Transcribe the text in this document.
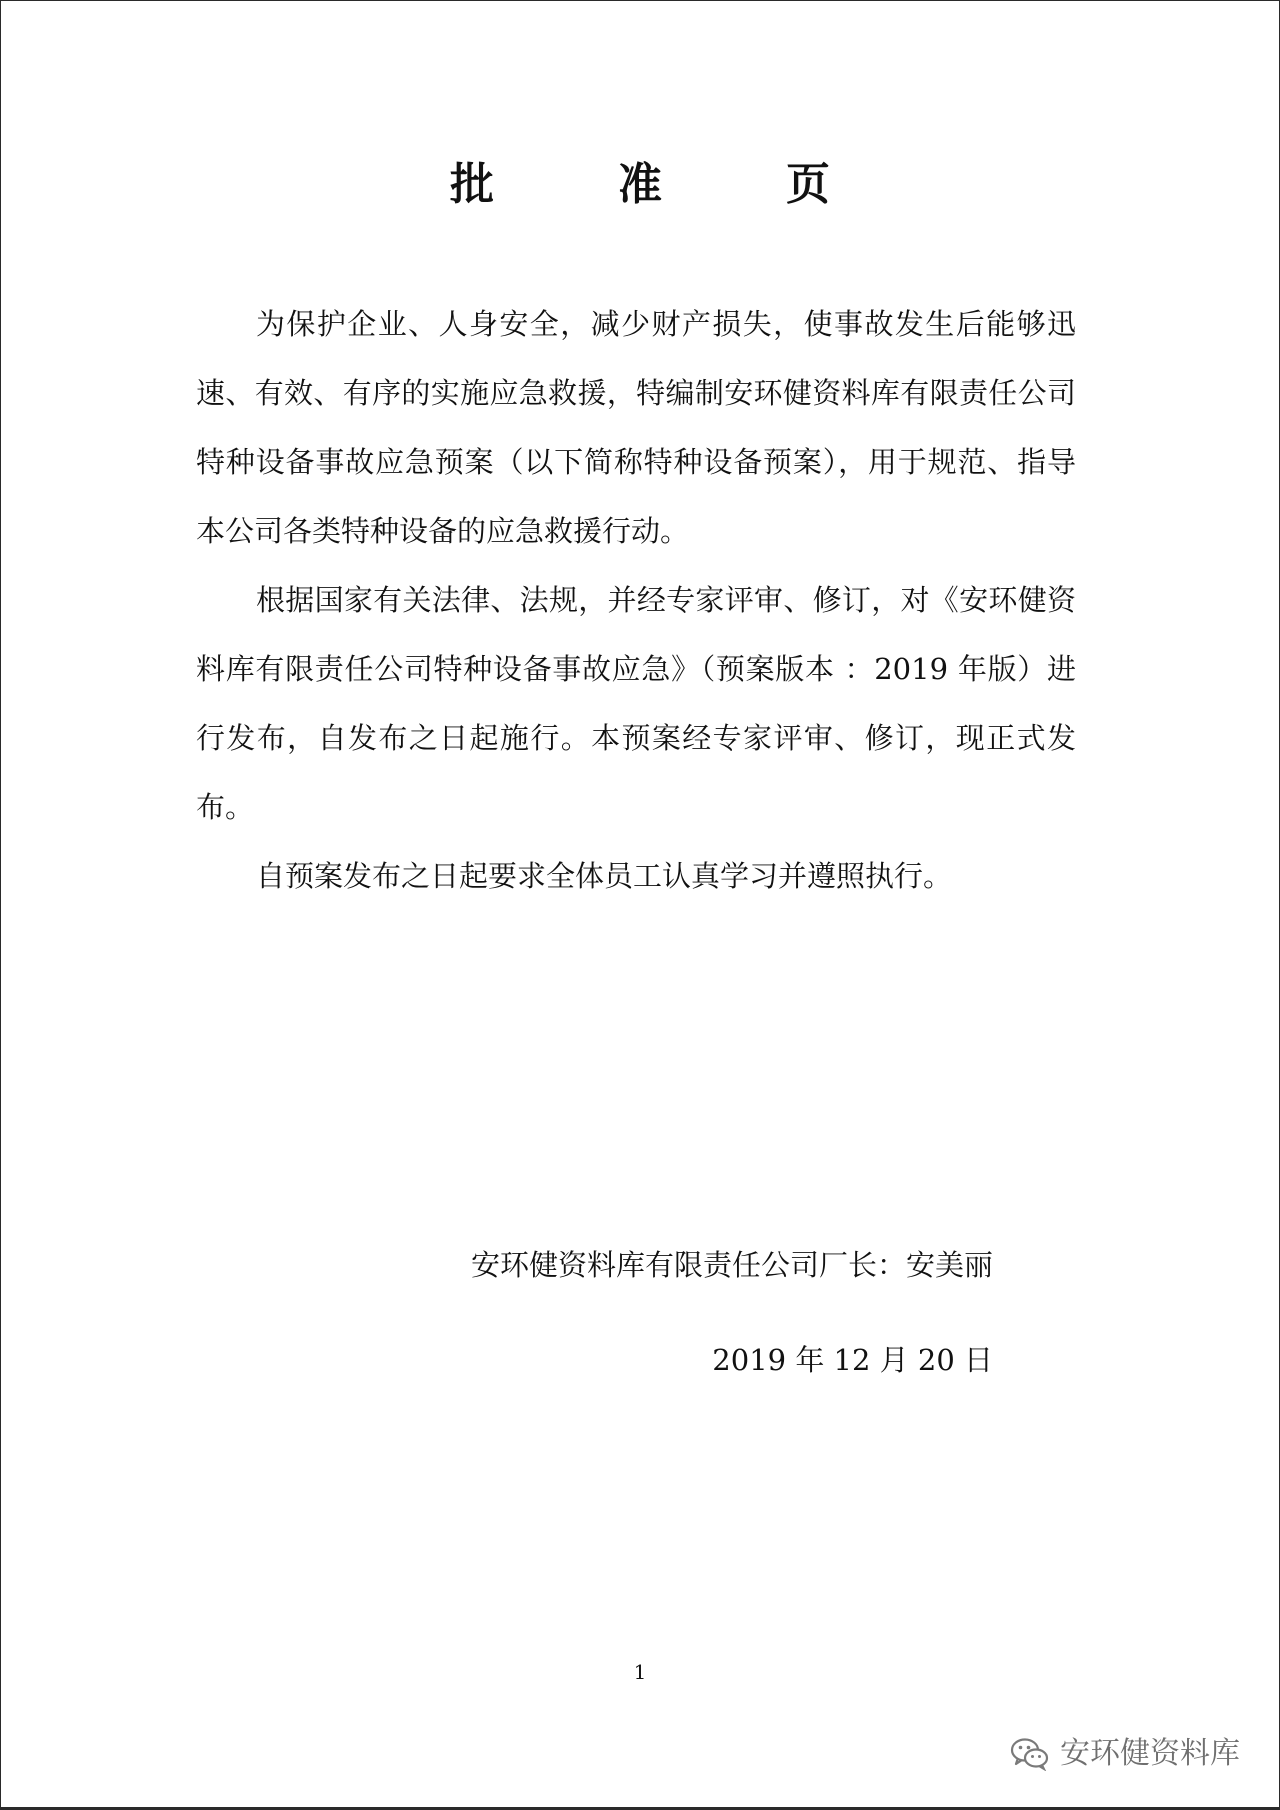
批　准　页

为保护企业、人身安全，减少财产损失，使事故发生后能够迅速、有效、有序的实施应急救援，特编制安环健资料库有限责任公司特种设备事故应急预案（以下简称特种设备预案），用于规范、指导本公司各类特种设备的应急救援行动。

根据国家有关法律、法规，并经专家评审、修订，对《安环健资料库有限责任公司特种设备事故应急》（预案版本 ：2019 年版）进行发布，自发布之日起施行。本预案经专家评审、修订，现正式发布。

自预案发布之日起要求全体员工认真学习并遵照执行。

安环健资料库有限责任公司厂长：安美丽
2019 年 12 月 20 日
1
安环健资料库
